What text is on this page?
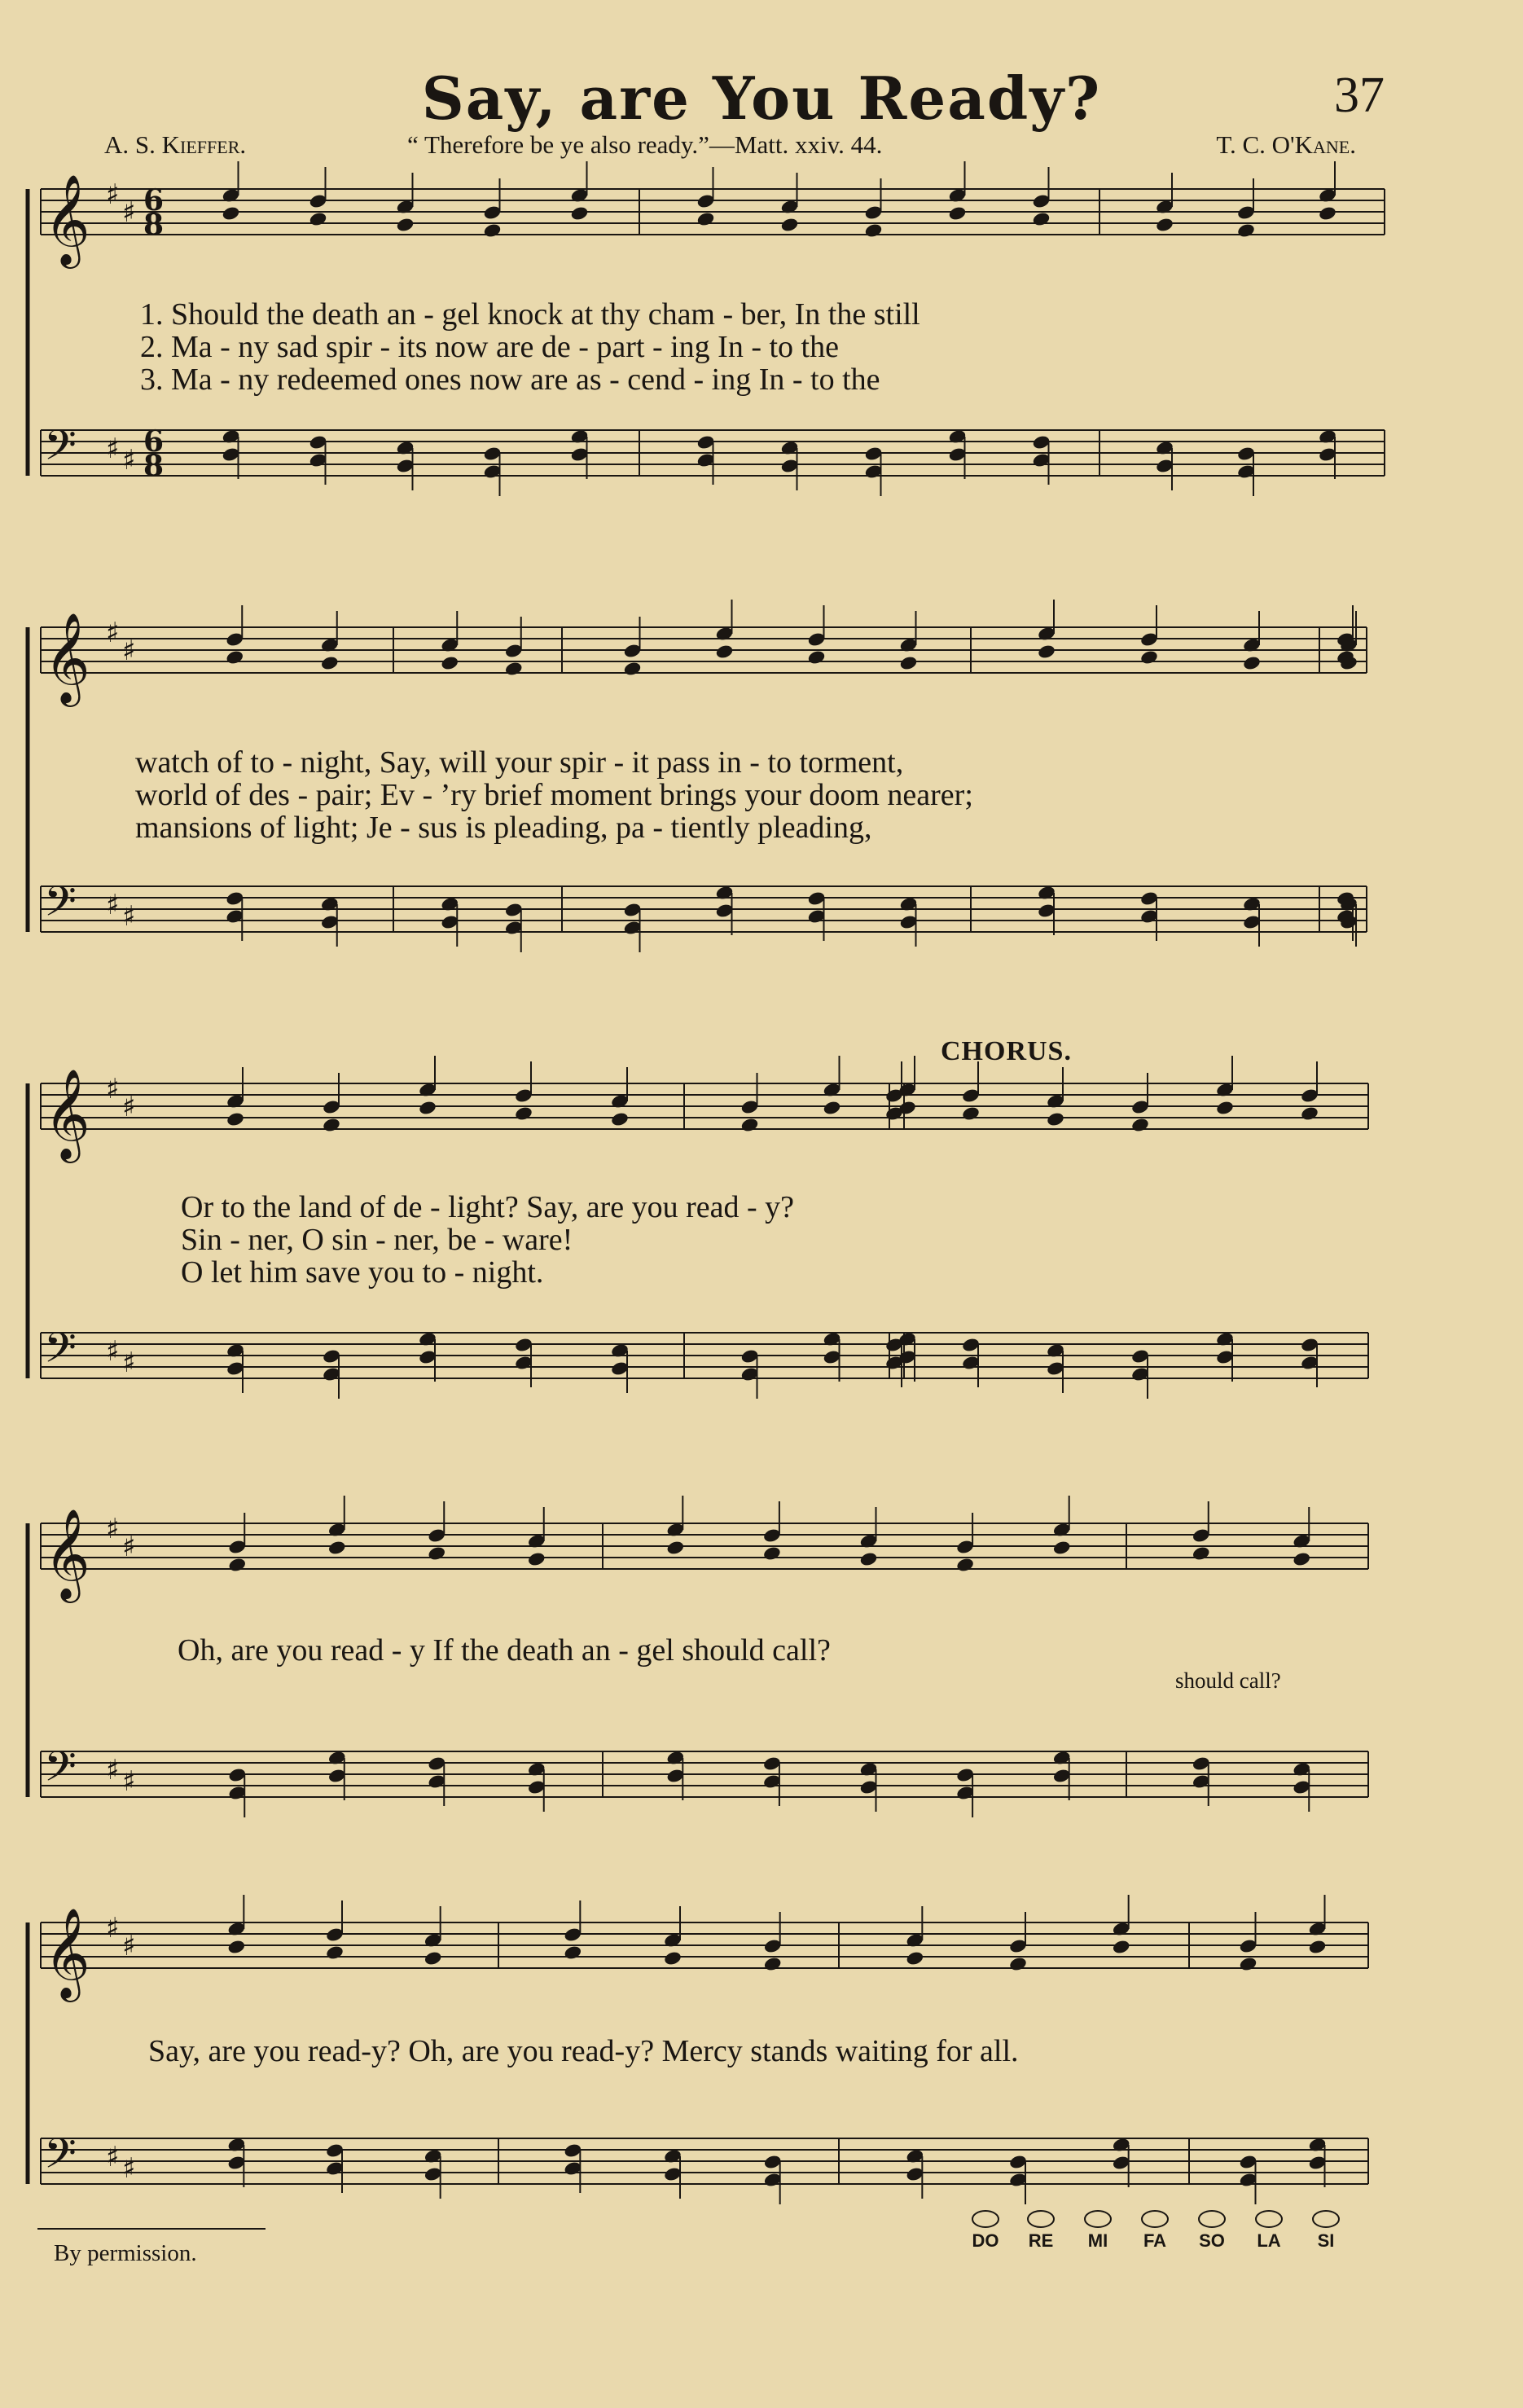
Say, are You Ready?	37
A. S. Kieffer.	“ Therefore be ye also ready.”—Matt. xxiv. 44.	T. C. O'Kane.
𝄞 ♯
♯ 6
8
𝄢 ♯ ♯
6
8
𝄞 ♯
♯
𝄢 ♯ ♯
𝄞 ♯
♯
𝄢 ♯ ♯
𝄞 ♯
♯
𝄢 ♯ ♯
𝄞 ♯
♯
𝄢 ♯ ♯
1. Should the death an - gel knock at thy cham - ber, In the still
2. Ma - ny sad spir - its now are de - part - ing In - to the
3. Ma - ny redeemed ones now are as - cend - ing In - to the
watch of to - night, Say, will your spir - it pass in - to torment,
world of des - pair; Ev - ’ry brief moment brings your doom nearer;
mansions of light; Je - sus is pleading, pa - tiently pleading,
CHORUS.
Or to the land of de - light? Say, are you read - y?
Sin - ner, O sin - ner, be - ware!
O let him save you to - night.
Oh, are you read - y If the death an - gel should call?
should call?
Say, are you read-y? Oh, are you read-y? Mercy stands waiting for all.
By permission.	DO	RE	MI	FA	SO	LA	SI
